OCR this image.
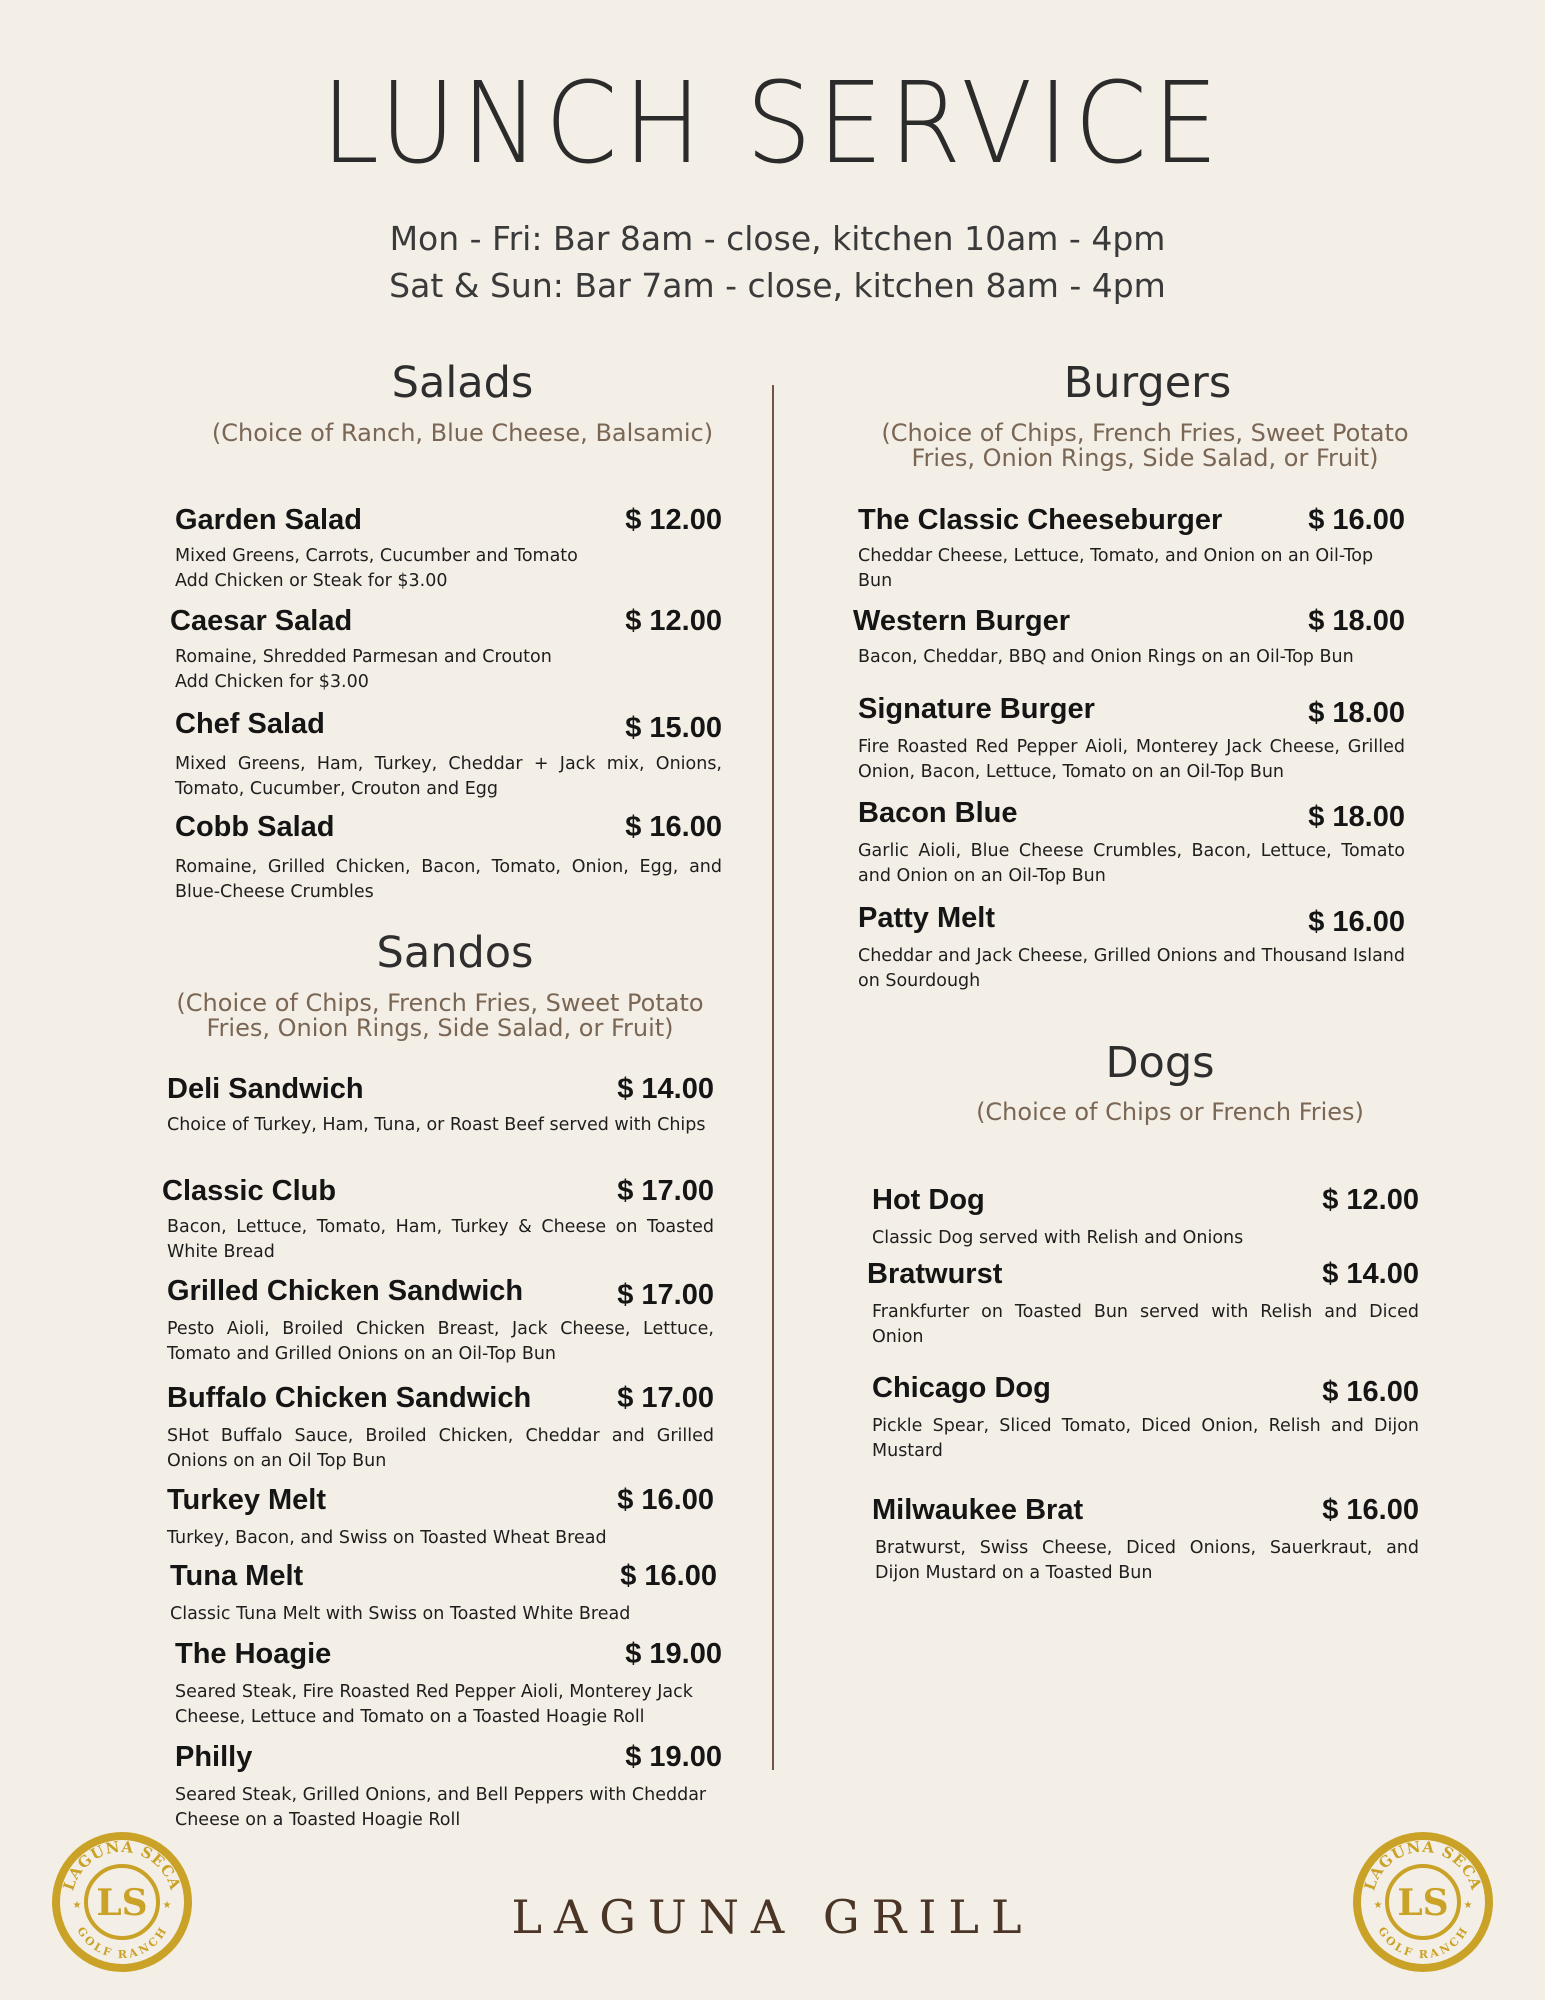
LUNCH SERVICE
Mon - Fri: Bar 8am - close, kitchen 10am - 4pm
Sat & Sun: Bar 7am - close, kitchen 8am - 4pm
Salads
(Choice of Ranch, Blue Cheese, Balsamic)
Garden Salad	$ 12.00
Mixed Greens, Carrots, Cucumber and Tomato
Add Chicken or Steak for $3.00
Caesar Salad	$ 12.00
Romaine, Shredded Parmesan and Crouton
Add Chicken for $3.00
Chef Salad	$ 15.00
Mixed Greens, Ham, Turkey, Cheddar + Jack mix, Onions, Tomato, Cucumber, Crouton and Egg
Cobb Salad	$ 16.00
Romaine, Grilled Chicken, Bacon, Tomato, Onion, Egg, and Blue-Cheese Crumbles
Sandos
(Choice of Chips, French Fries, Sweet Potato
Fries, Onion Rings, Side Salad, or Fruit)
Deli Sandwich	$ 14.00
Choice of Turkey, Ham, Tuna, or Roast Beef served with Chips
Classic Club	$ 17.00
Bacon, Lettuce, Tomato, Ham, Turkey & Cheese on Toasted White Bread
Grilled Chicken Sandwich	$ 17.00
Pesto Aioli, Broiled Chicken Breast, Jack Cheese, Lettuce, Tomato and Grilled Onions on an Oil-Top Bun
Buffalo Chicken Sandwich	$ 17.00
SHot Buffalo Sauce, Broiled Chicken, Cheddar and Grilled Onions on an Oil Top Bun
Turkey Melt	$ 16.00
Turkey, Bacon, and Swiss on Toasted Wheat Bread
Tuna Melt	$ 16.00
Classic Tuna Melt with Swiss on Toasted White Bread
The Hoagie	$ 19.00
Seared Steak, Fire Roasted Red Pepper Aioli, Monterey Jack Cheese, Lettuce and Tomato on a Toasted Hoagie Roll
Philly	$ 19.00
Seared Steak, Grilled Onions, and Bell Peppers with Cheddar Cheese on a Toasted Hoagie Roll
Burgers
(Choice of Chips, French Fries, Sweet Potato
Fries, Onion Rings, Side Salad, or Fruit)
The Classic Cheeseburger	$ 16.00
Cheddar Cheese, Lettuce, Tomato, and Onion on an Oil-Top Bun
Western Burger	$ 18.00
Bacon, Cheddar, BBQ and Onion Rings on an Oil-Top Bun
Signature Burger	$ 18.00
Fire Roasted Red Pepper Aioli, Monterey Jack Cheese, Grilled Onion, Bacon, Lettuce, Tomato on an Oil-Top Bun
Bacon Blue	$ 18.00
Garlic Aioli, Blue Cheese Crumbles, Bacon, Lettuce, Tomato and Onion on an Oil-Top Bun
Patty Melt	$ 16.00
Cheddar and Jack Cheese, Grilled Onions and Thousand Island on Sourdough
Dogs
(Choice of Chips or French Fries)
Hot Dog	$ 12.00
Classic Dog served with Relish and Onions
Bratwurst	$ 14.00
Frankfurter on Toasted Bun served with Relish and Diced Onion
Chicago Dog	$ 16.00
Pickle Spear, Sliced Tomato, Diced Onion, Relish and Dijon Mustard
Milwaukee Brat	$ 16.00
Bratwurst, Swiss Cheese, Diced Onions, Sauerkraut, and Dijon Mustard on a Toasted Bun
LAGUNA GRILL
LAGUNA SECA
GOLF RANCH
LS
★	★
LAGUNA SECA
GOLF RANCH
LS
★	★
